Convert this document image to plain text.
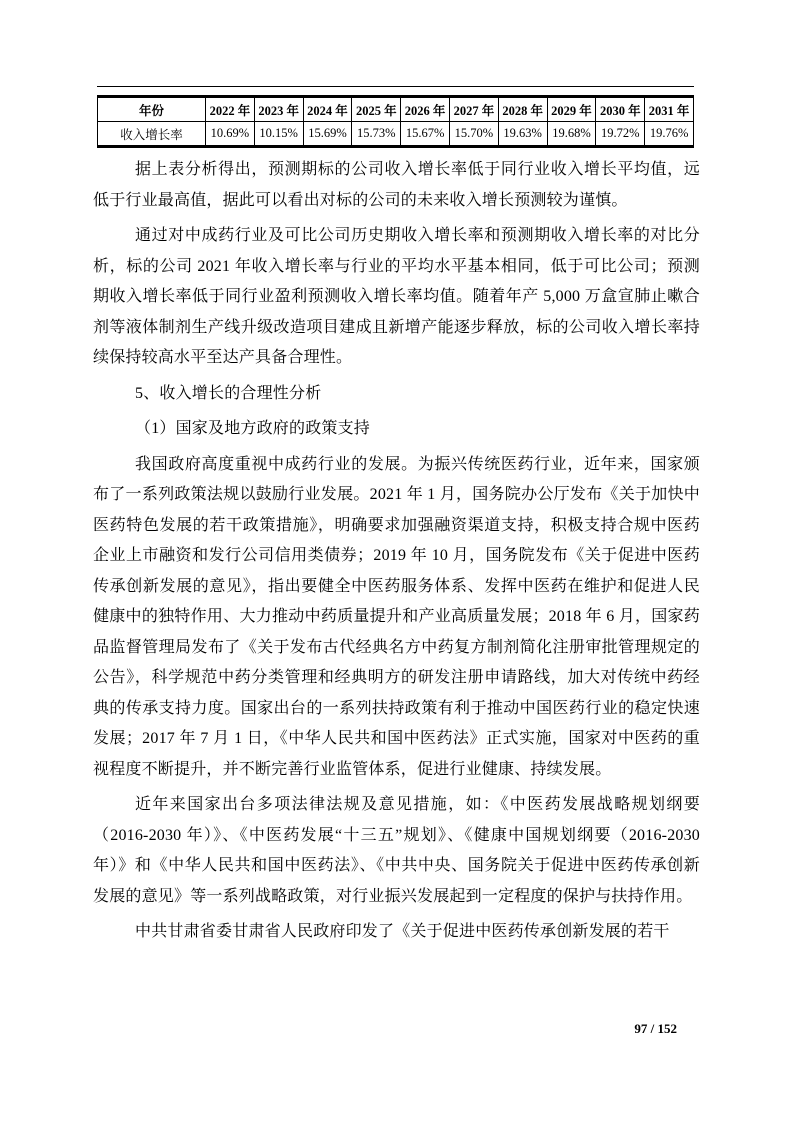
年份	2022 年	2023 年	2024 年	2025 年	2026 年	2027 年	2028 年	2029 年	2030 年	2031 年
收入增长率	10.69%	10.15%	15.69%	15.73%	15.67%	15.70%	19.63%	19.68%	19.72%	19.76%

据上表分析得出，预测期标的公司收入增长率低于同行业收入增长平均值，远低于行业最高值，据此可以看出对标的公司的未来收入增长预测较为谨慎。

通过对中成药行业及可比公司历史期收入增长率和预测期收入增长率的对比分析，标的公司 2021 年收入增长率与行业的平均水平基本相同，低于可比公司；预测期收入增长率低于同行业盈利预测收入增长率均值。随着年产 5,000 万盒宣肺止嗽合剂等液体制剂生产线升级改造项目建成且新增产能逐步释放，标的公司收入增长率持续保持较高水平至达产具备合理性。

5、收入增长的合理性分析

（1）国家及地方政府的政策支持

我国政府高度重视中成药行业的发展。为振兴传统医药行业，近年来，国家颁布了一系列政策法规以鼓励行业发展。2021 年 1 月，国务院办公厅发布《关于加快中医药特色发展的若干政策措施》，明确要求加强融资渠道支持，积极支持合规中医药企业上市融资和发行公司信用类债券；2019 年 10 月，国务院发布《关于促进中医药传承创新发展的意见》，指出要健全中医药服务体系、发挥中医药在维护和促进人民健康中的独特作用、大力推动中药质量提升和产业高质量发展；2018 年 6 月，国家药品监督管理局发布了《关于发布古代经典名方中药复方制剂简化注册审批管理规定的公告》，科学规范中药分类管理和经典明方的研发注册申请路线，加大对传统中药经典的传承支持力度。国家出台的一系列扶持政策有利于推动中国医药行业的稳定快速发展；2017 年 7 月 1 日，《中华人民共和国中医药法》正式实施，国家对中医药的重视程度不断提升，并不断完善行业监管体系，促进行业健康、持续发展。

近年来国家出台多项法律法规及意见措施，如：《中医药发展战略规划纲要（2016-2030 年）》、《中医药发展“十三五”规划》、《健康中国规划纲要（2016-2030 年）》和《中华人民共和国中医药法》、《中共中央、国务院关于促进中医药传承创新发展的意见》等一系列战略政策，对行业振兴发展起到一定程度的保护与扶持作用。

中共甘肃省委甘肃省人民政府印发了《关于促进中医药传承创新发展的若干

97 / 152
